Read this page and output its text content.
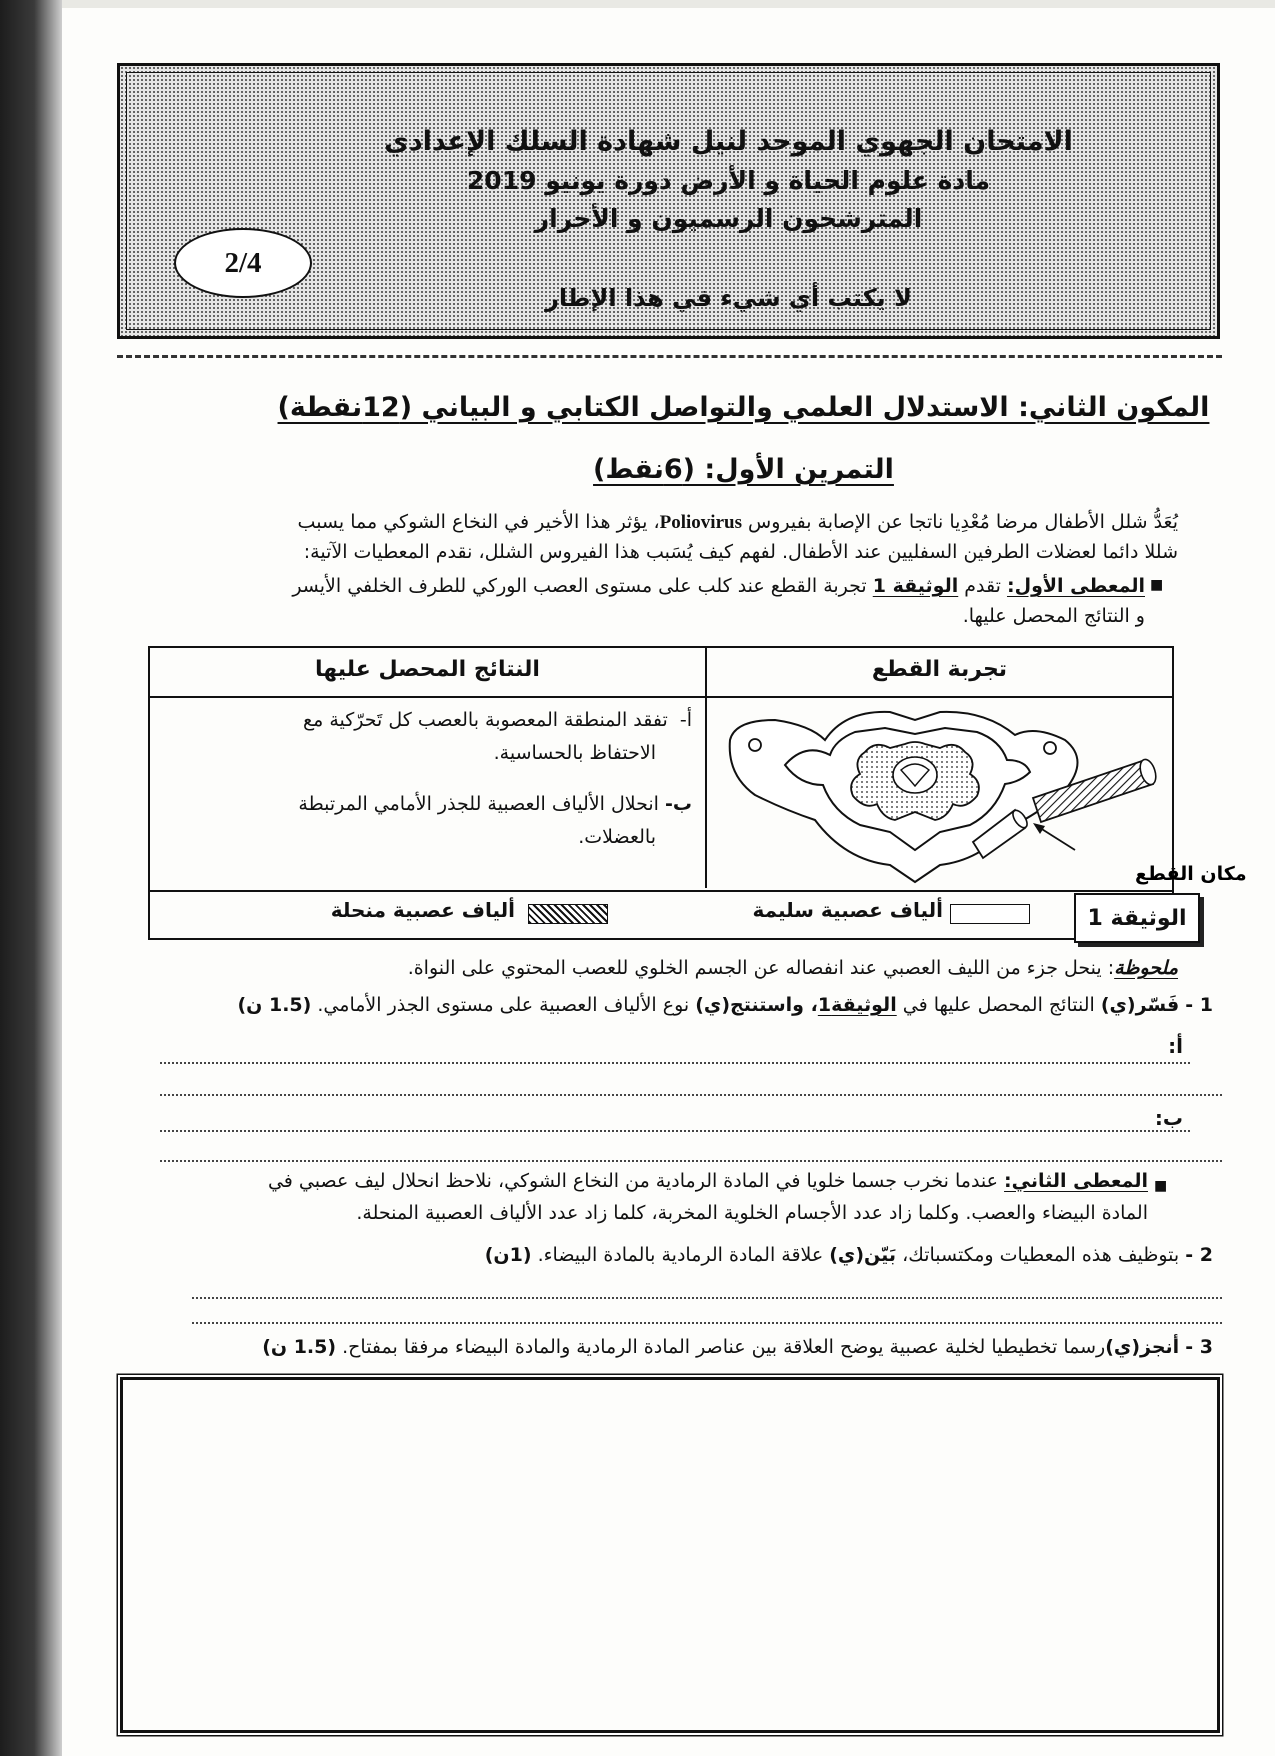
الامتحان الجهوي الموحد لنيل شهادة السلك الإعدادي
مادة علوم الحياة و الأرض دورة يونيو 2019
المترشحون الرسميون و الأحرار
لا يكتب أي شيء في هذا الإطار
2/4
المكون الثاني: الاستدلال العلمي والتواصل الكتابي و البياني (12نقطة)
التمرين الأول: (6نقط)
يُعَدُّ شلل الأطفال مرضا مُعْدِيا ناتجا عن الإصابة بفيروس Poliovirus، يؤثر هذا الأخير في النخاع الشوكي مما يسبب
شللا دائما لعضلات الطرفين السفليين عند الأطفال. لفهم كيف يُسَبب هذا الفيروس الشلل، نقدم المعطيات الآتية:
■
المعطى الأول: تقدم الوثيقة 1 تجربة القطع عند كلب على مستوى العصب الوركي للطرف الخلفي الأيسر
و النتائج المحصل عليها.
النتائج المحصل عليها	تجربة القطع
أ-  تفقد المنطقة المعصوبة بالعصب كل تَحرّكية مع
الاحتفاظ بالحساسية.
ب- انحلال الألياف العصبية للجذر الأمامي المرتبطة
بالعضلات.
مكان القطع
الوثيقة 1
ألياف عصبية سليمة
ألياف عصبية منحلة
ملحوظة: ينحل جزء من الليف العصبي عند انفصاله عن الجسم الخلوي للعصب المحتوي على النواة.
1 - فَسّر(ي) النتائج المحصل عليها في الوثيقة1، واستنتج(ي) نوع الألياف العصبية على مستوى الجذر الأمامي. (1.5 ن)
أ:
ب:
■
المعطى الثاني: عندما نخرب جسما خلويا في المادة الرمادية من النخاع الشوكي، نلاحظ انحلال ليف عصبي في
المادة البيضاء والعصب. وكلما زاد عدد الأجسام الخلوية المخربة، كلما زاد عدد الألياف العصبية المنحلة.
2 - بتوظيف هذه المعطيات ومكتسباتك، بَيّن(ي) علاقة المادة الرمادية بالمادة البيضاء. (1ن)
3 - أنجز(ي)رسما تخطيطيا لخلية عصبية يوضح العلاقة بين عناصر المادة الرمادية والمادة البيضاء مرفقا بمفتاح. (1.5 ن)
